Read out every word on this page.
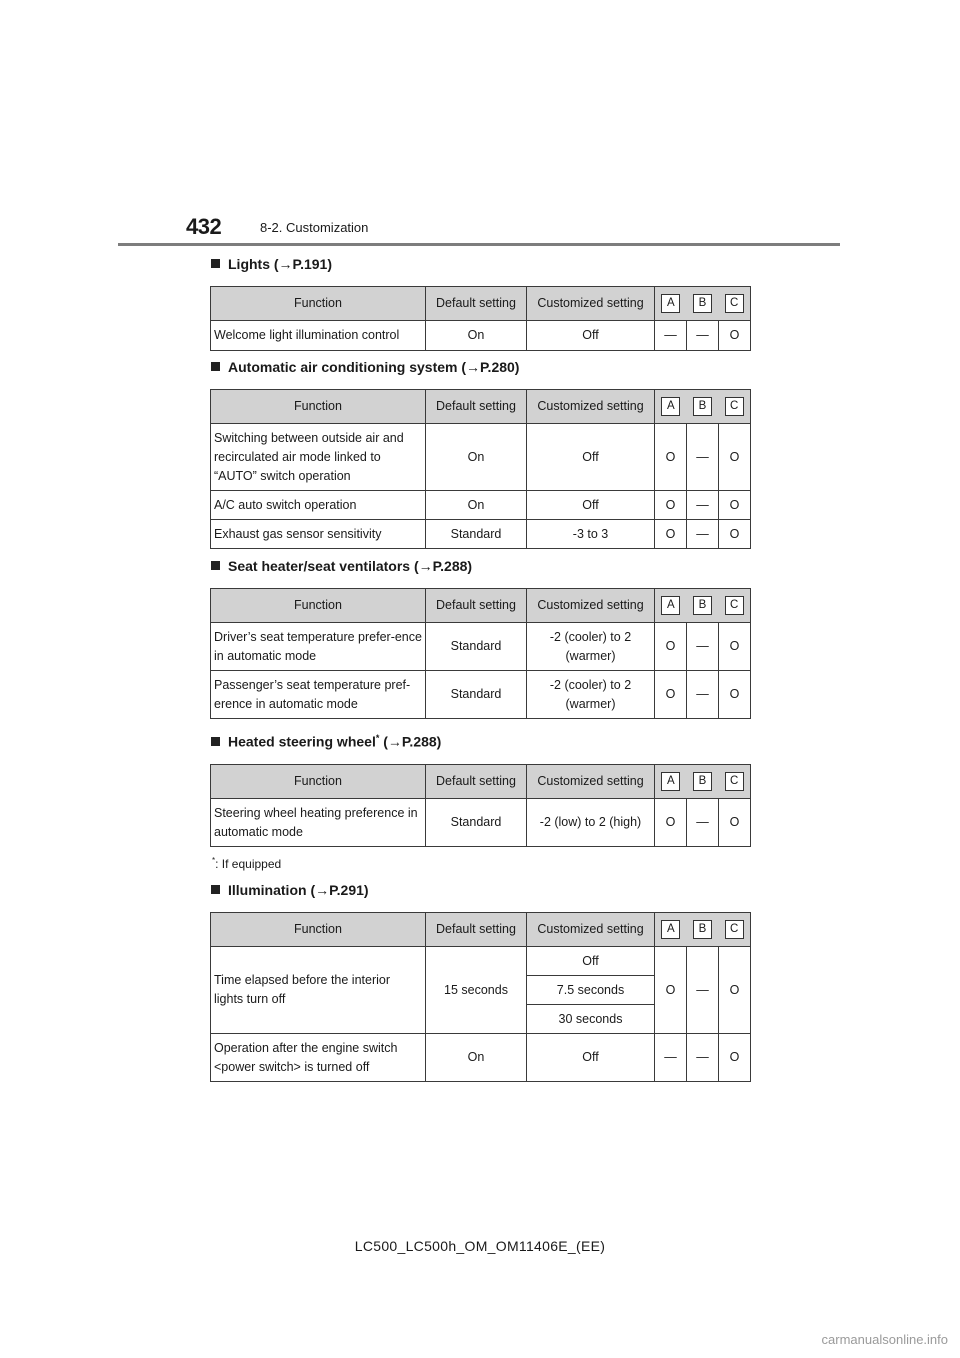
432	8-2. Customization
Lights (→P.191)
Function	Default setting	Customized setting	A B C		

Welcome light illumination control	On	Off	—	—	O
Automatic air conditioning system (→P.280)
Function	Default setting	Customized setting	A B C		

Switching between outside air and recirculated air mode linked to “AUTO” switch operation	On	Off	O	—	O
A/C auto switch operation	On	Off	O	—	O
Exhaust gas sensor sensitivity	Standard	-3 to 3	O	—	O
Seat heater/seat ventilators (→P.288)
Function	Default setting	Customized setting	A B C		

Driver’s seat temperature prefer-ence in automatic mode	Standard	-2 (cooler) to 2 (warmer)	O	—	O
Passenger’s seat temperature pref-erence in automatic mode	Standard	-2 (cooler) to 2 (warmer)	O	—	O
Heated steering wheel* (→P.288)
Function	Default setting	Customized setting	A B C		

Steering wheel heating preference in automatic mode	Standard	-2 (low) to 2 (high)	O	—	O
*: If equipped
Illumination (→P.291)
Function	Default setting	Customized setting	A B C		

Time elapsed before the interior lights turn off	15 seconds	Off	O	—	O
		7.5 seconds			
		30 seconds			
Operation after the engine switch <power switch> is turned off	On	Off	—	—	O
LC500_LC500h_OM_OM11406E_(EE)
carmanualsonline.info
